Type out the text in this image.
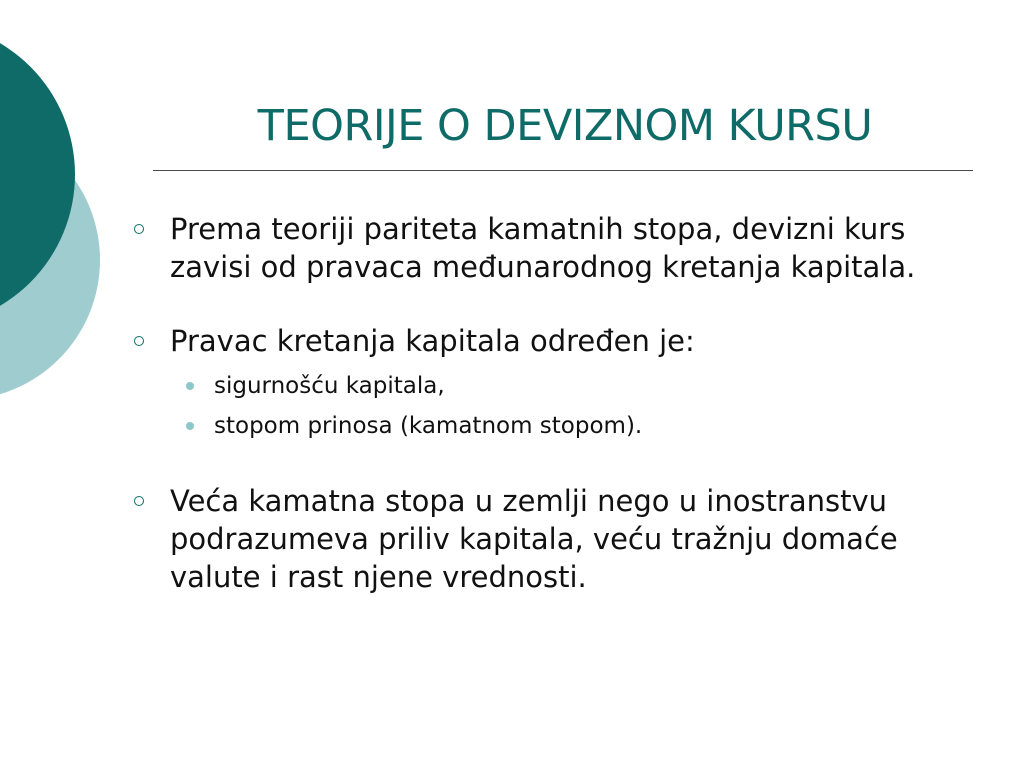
TEORIJE O DEVIZNOM KURSU
Prema teoriji pariteta kamatnih stopa, devizni kurs zavisi od pravaca međunarodnog kretanja kapitala.
Pravac kretanja kapitala određen je:
sigurnošću kapitala,
stopom prinosa (kamatnom stopom).
Veća kamatna stopa u zemlji nego u inostranstvu podrazumeva priliv kapitala, veću tražnju domaće valute i rast njene vrednosti.
